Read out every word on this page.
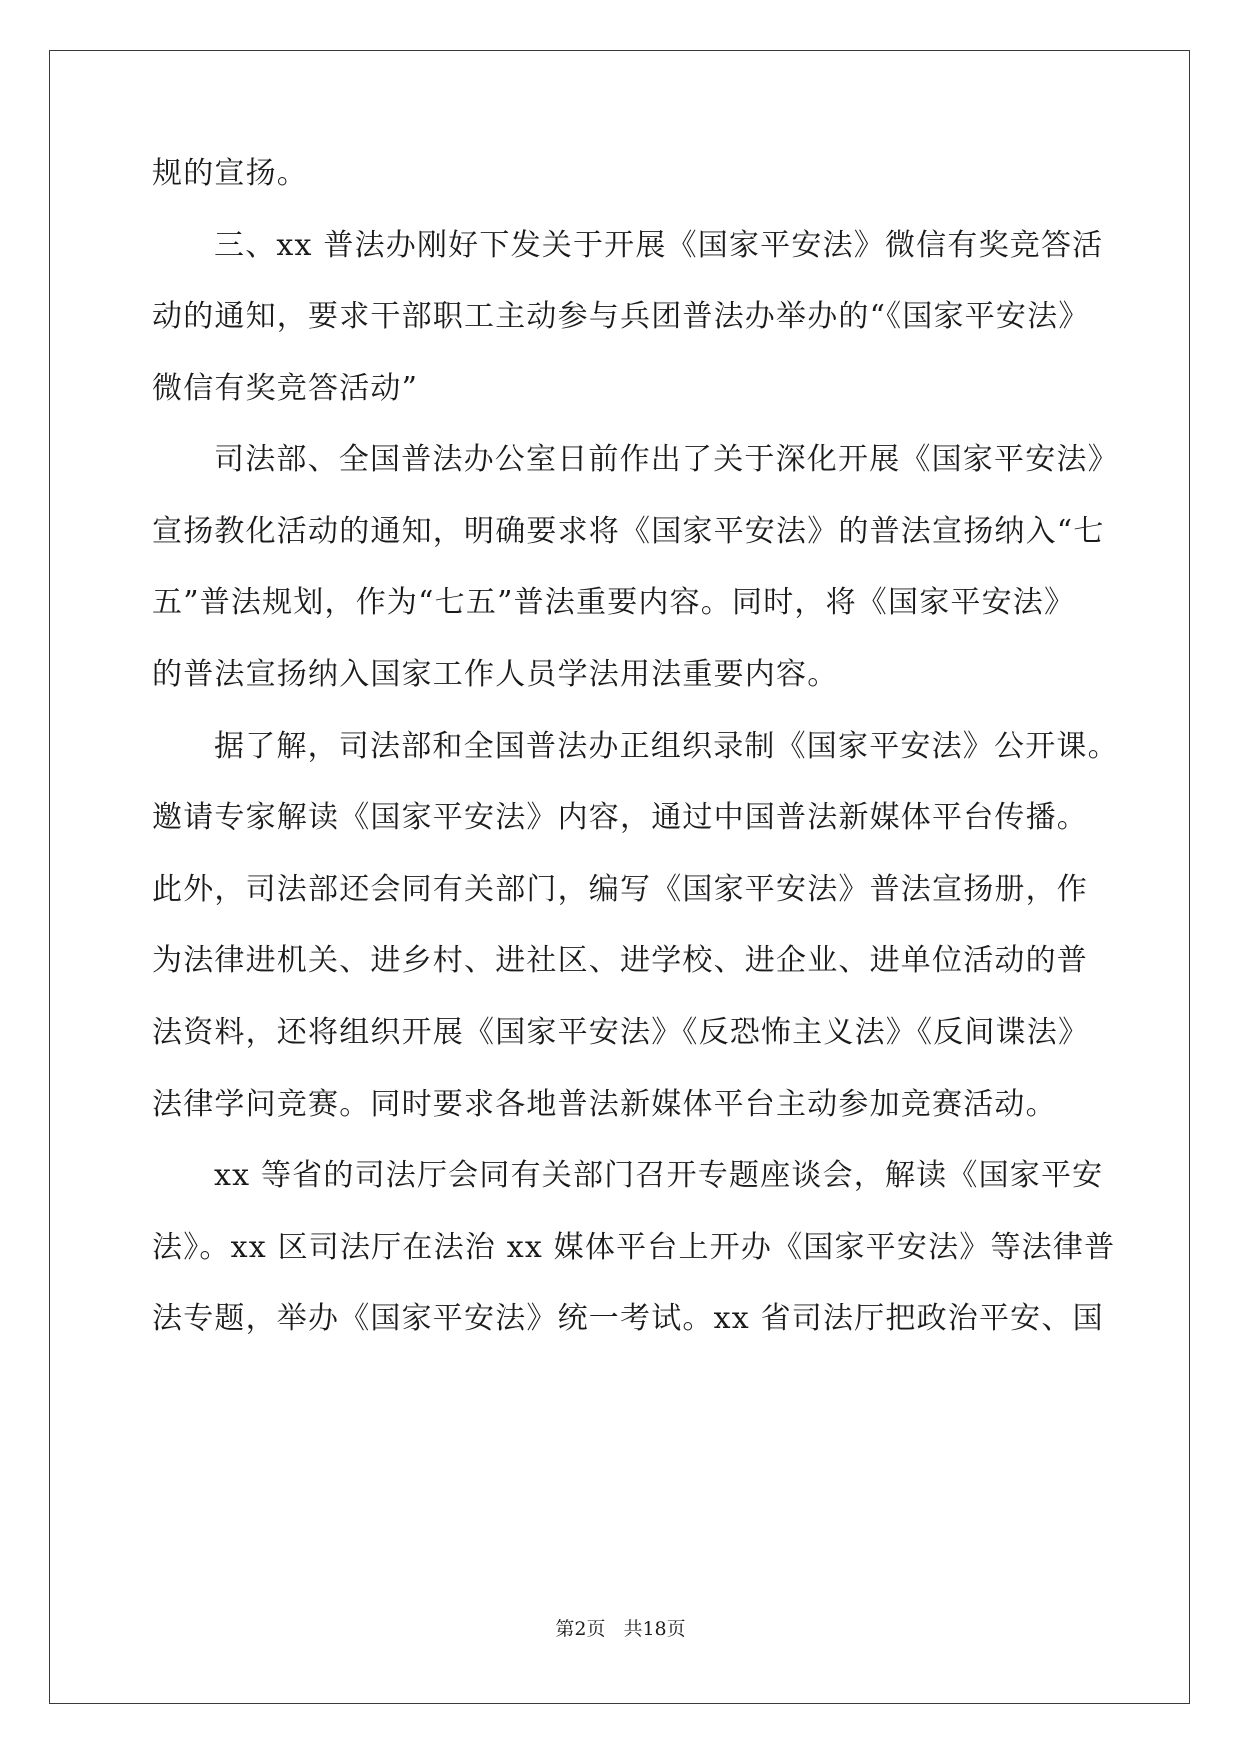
规的宣扬。
三、xx 普法办刚好下发关于开展《国家平安法》微信有奖竞答活
动的通知，要求干部职工主动参与兵团普法办举办的“《国家平安法》
微信有奖竞答活动”
司法部、全国普法办公室日前作出了关于深化开展《国家平安法》
宣扬教化活动的通知，明确要求将《国家平安法》的普法宣扬纳入“七
五”普法规划，作为“七五”普法重要内容。同时，将《国家平安法》
的普法宣扬纳入国家工作人员学法用法重要内容。
据了解，司法部和全国普法办正组织录制《国家平安法》公开课。
邀请专家解读《国家平安法》内容，通过中国普法新媒体平台传播。
此外，司法部还会同有关部门，编写《国家平安法》普法宣扬册，作
为法律进机关、进乡村、进社区、进学校、进企业、进单位活动的普
法资料，还将组织开展《国家平安法》《反恐怖主义法》《反间谍法》
法律学问竞赛。同时要求各地普法新媒体平台主动参加竞赛活动。
xx 等省的司法厅会同有关部门召开专题座谈会，解读《国家平安
法》。xx 区司法厅在法治 xx 媒体平台上开办《国家平安法》等法律普
法专题，举办《国家平安法》统一考试。xx 省司法厅把政治平安、国
第2页 共18页
